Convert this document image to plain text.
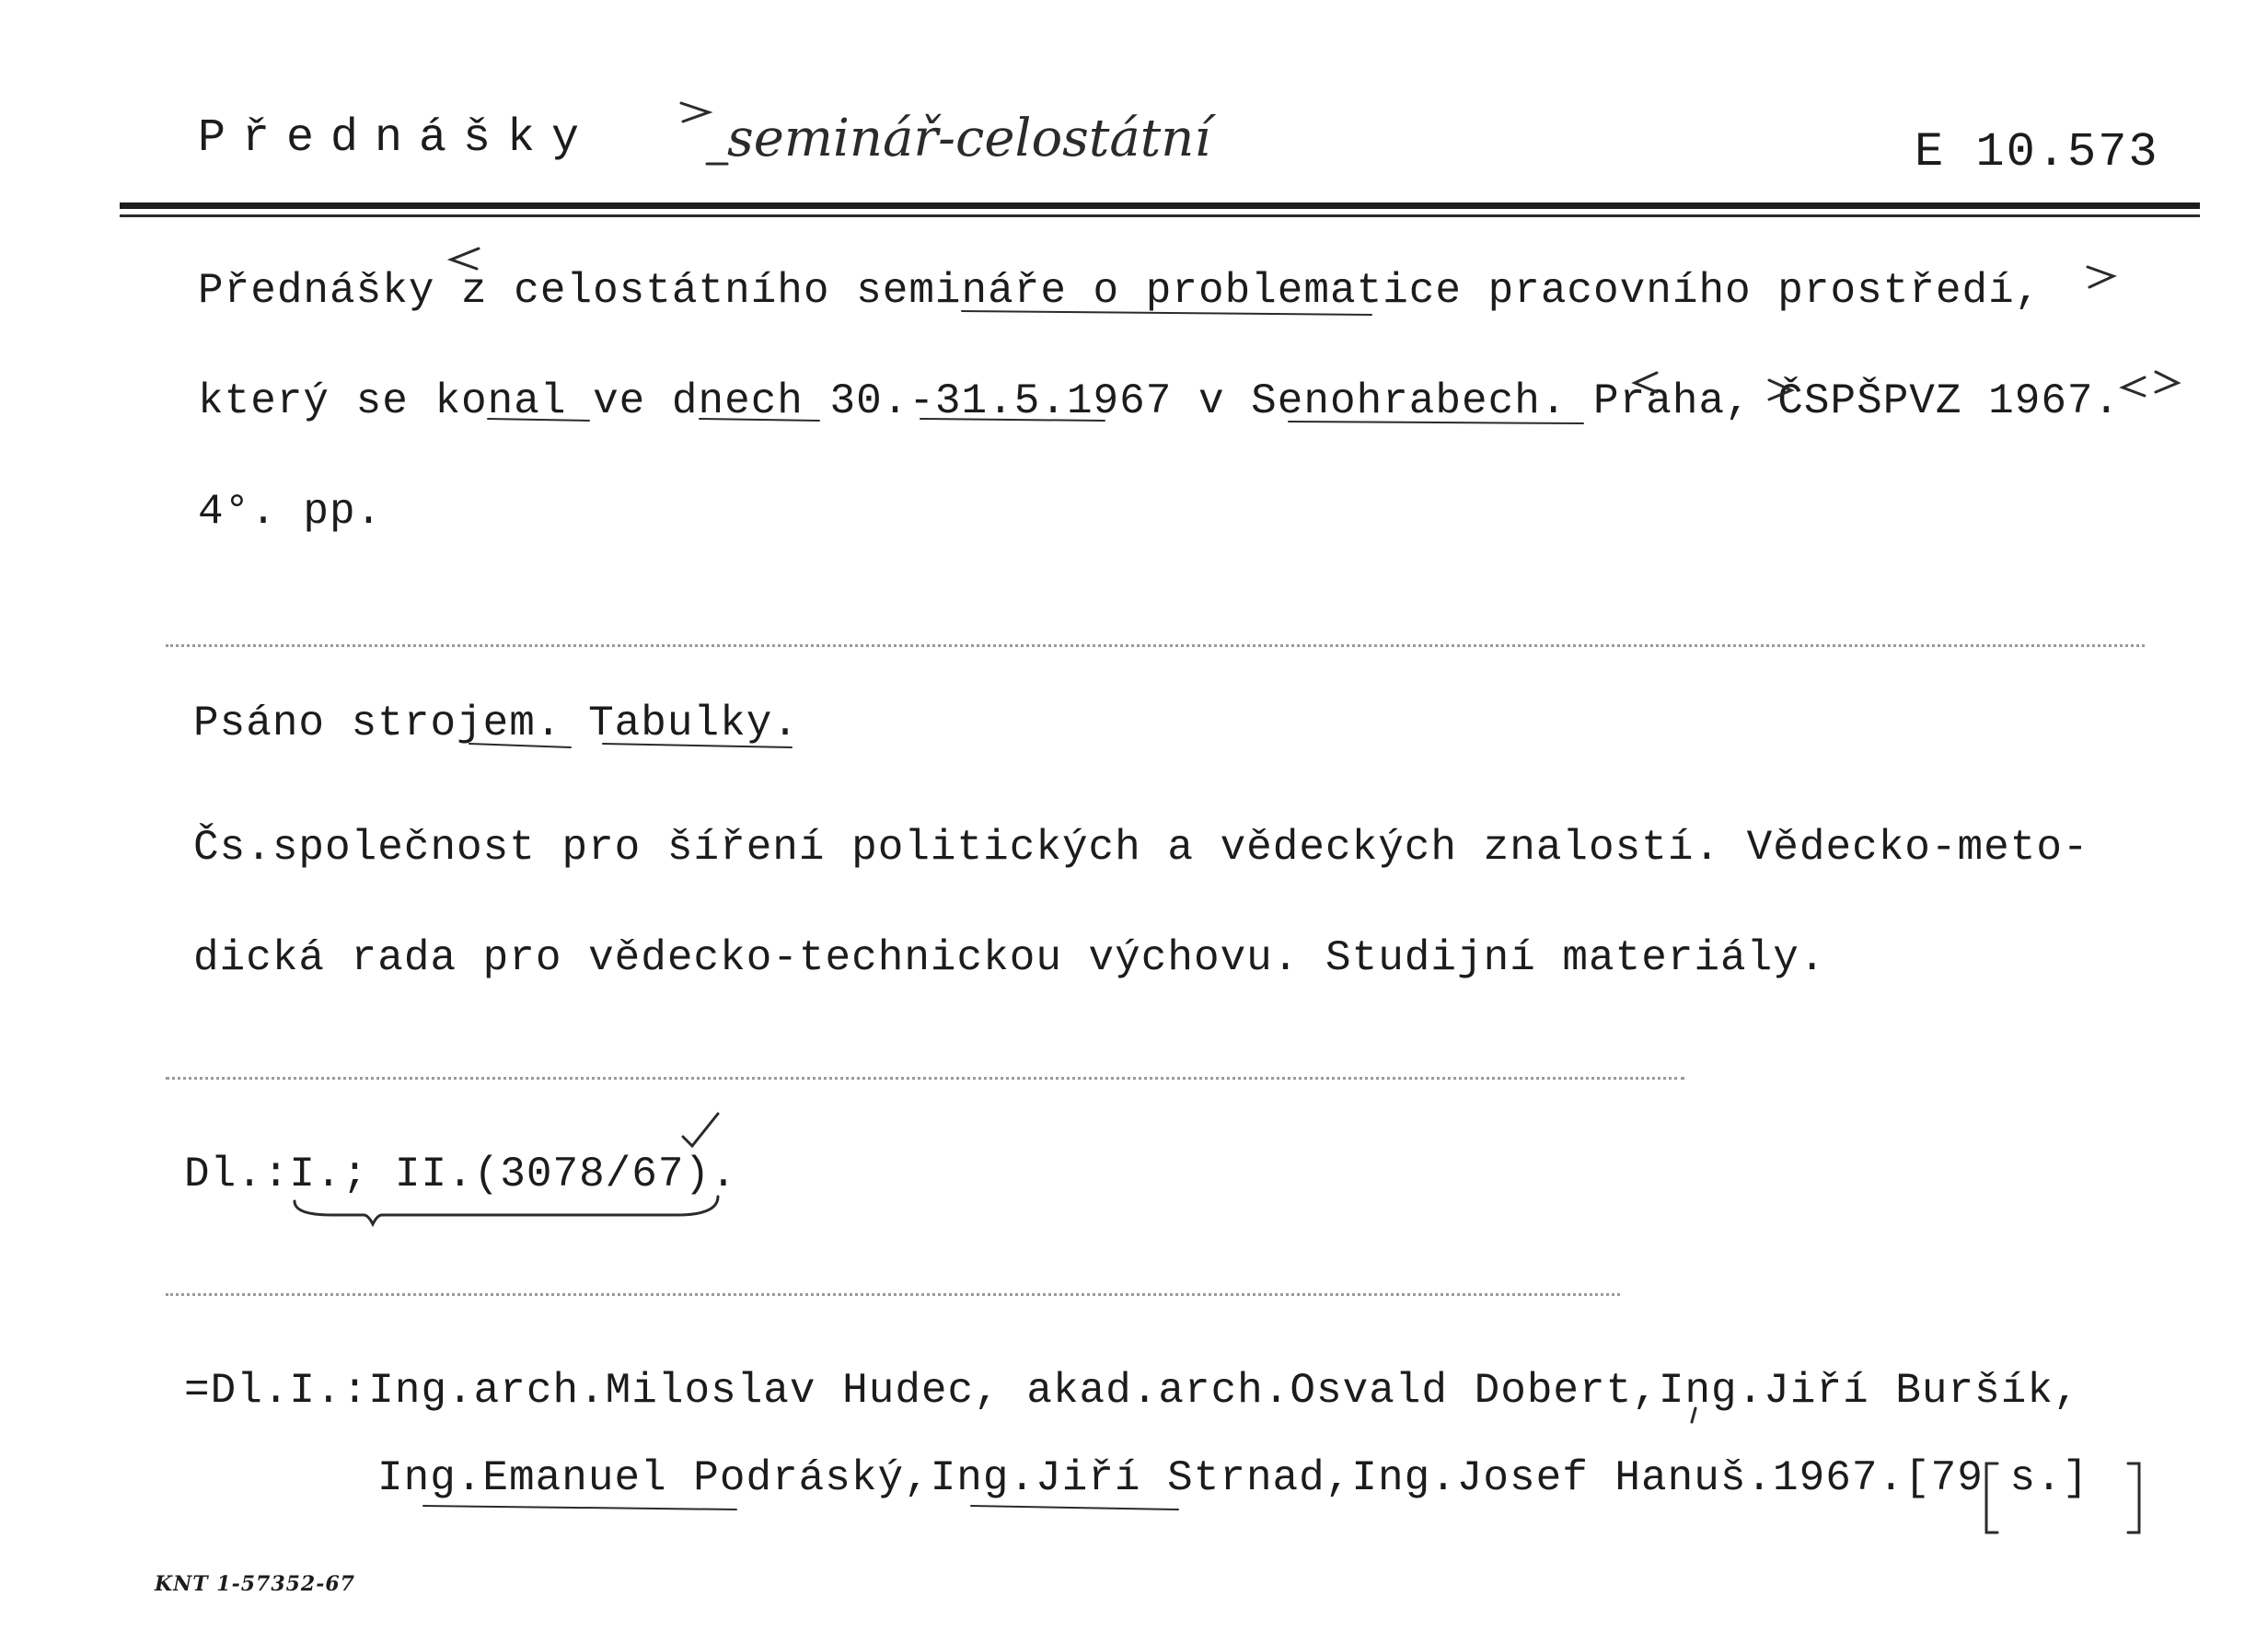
Přednášky	seminář-celostátní	E 10.573
Přednášky z celostátního semináře o problematice pracovního prostředí,
který se konal ve dnech 30.-31.5.1967 v Senohrabech. Praha, ČSPŠPVZ 1967.
4°. pp.
Psáno strojem. Tabulky.
Čs.společnost pro šíření politických a vědeckých znalostí. Vědecko-meto-
dická rada pro vědecko-technickou výchovu. Studijní materiály.
Dl.:I.; II.(3078/67).
=Dl.I.:Ing.arch.Miloslav Hudec, akad.arch.Osvald Dobert,Ing.Jiří Buršík,
Ing.Emanuel Podráský,Ing.Jiří Strnad,Ing.Josef Hanuš.1967.[79 s.]
KNT 1-57352-67
